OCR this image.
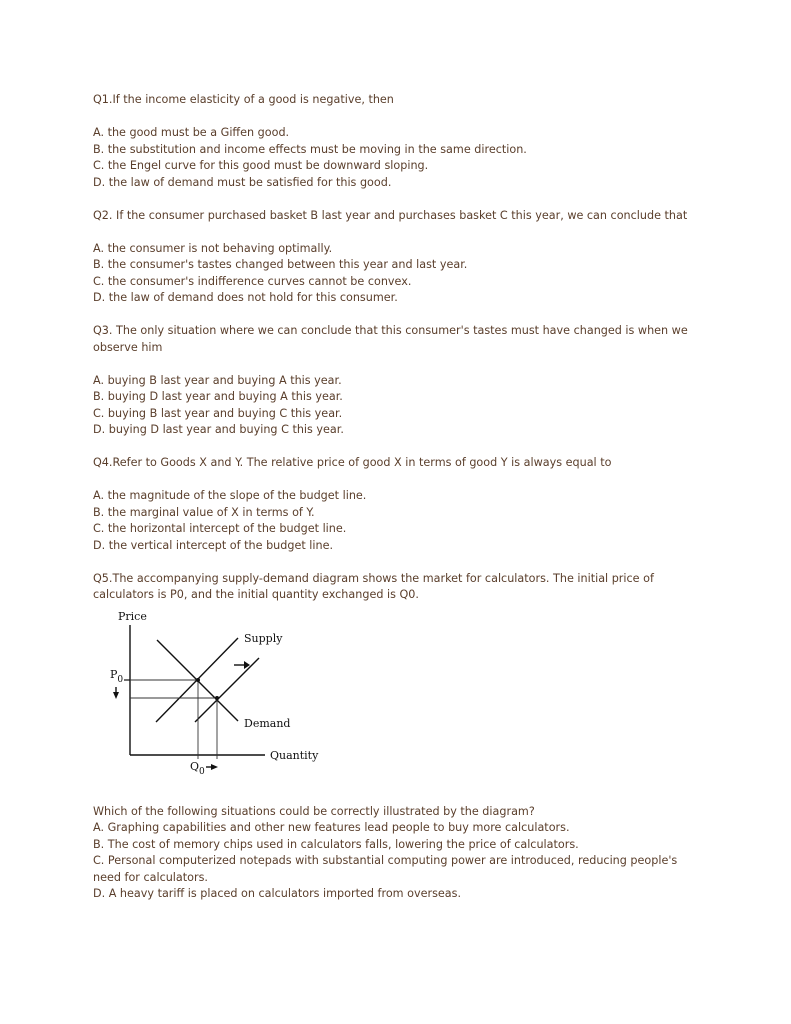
Q1.If the income elasticity of a good is negative, then

A. the good must be a Giffen good.

B. the substitution and income effects must be moving in the same direction.

C. the Engel curve for this good must be downward sloping.

D. the law of demand must be satisfied for this good.

Q2. If the consumer purchased basket B last year and purchases basket C this year, we can conclude that

A. the consumer is not behaving optimally.

B. the consumer's tastes changed between this year and last year.

C. the consumer's indifference curves cannot be convex.

D. the law of demand does not hold for this consumer.

Q3. The only situation where we can conclude that this consumer's tastes must have changed is when we observe him

A. buying B last year and buying A this year.

B. buying D last year and buying A this year.

C. buying B last year and buying C this year.

D. buying D last year and buying C this year.

Q4.Refer to Goods X and Y. The relative price of good X in terms of good Y is always equal to

A. the magnitude of the slope of the budget line.

B. the marginal value of X in terms of Y.

C. the horizontal intercept of the budget line.

D. the vertical intercept of the budget line.

Q5.The accompanying supply-demand diagram shows the market for calculators. The initial price of calculators is P0, and the initial quantity exchanged is Q0.

Price
Supply
Demand
Quantity
$P_0$
$Q_0$

Which of the following situations could be correctly illustrated by the diagram?

A. Graphing capabilities and other new features lead people to buy more calculators.

B. The cost of memory chips used in calculators falls, lowering the price of calculators.

C. Personal computerized notepads with substantial computing power are introduced, reducing people's need for calculators.

D. A heavy tariff is placed on calculators imported from overseas.
